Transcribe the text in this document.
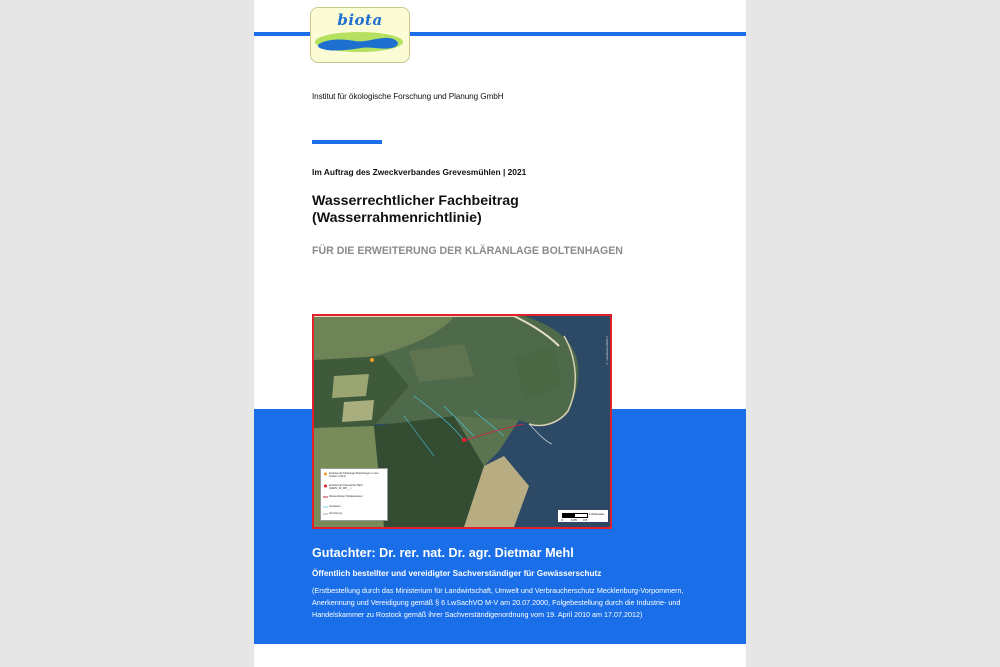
biota
Institut für ökologische Forschung und Planung GmbH
Im Auftrag des Zweckverbandes Grevesmühlen | 2021
Wasserrechtlicher Fachbeitrag
(Wasserrahmenrichtlinie)
FÜR DIE ERWEITERUNG DER KLÄRANLAGE BOLTENHAGEN
Einleitpunkt Kläranlage Boltenhagen in den Graben (2213)
Einleitpunkt Tarnewitzer Bach (DEMV_ID_WP_...)
Wasserkörper Fließgewässer
Gewässer
Verrohrung	1 Kilometer
0	0,25 0,5
© GeoBasis-DE/M-V
Gutachter: Dr. rer. nat. Dr. agr. Dietmar Mehl
Öffentlich bestellter und vereidigter Sachverständiger für Gewässerschutz
(Erstbestellung durch das Ministerium für Landwirtschaft, Umwelt und Verbraucherschutz Mecklenburg-Vorpommern, Anerkennung und Vereidigung gemäß § 6 LwSachVO M-V am 20.07.2000, Folgebestellung durch die Industrie- und Handelskammer zu Rostock gemäß ihrer Sachverständigenordnung vom 19. April 2010 am 17.07.2012)
